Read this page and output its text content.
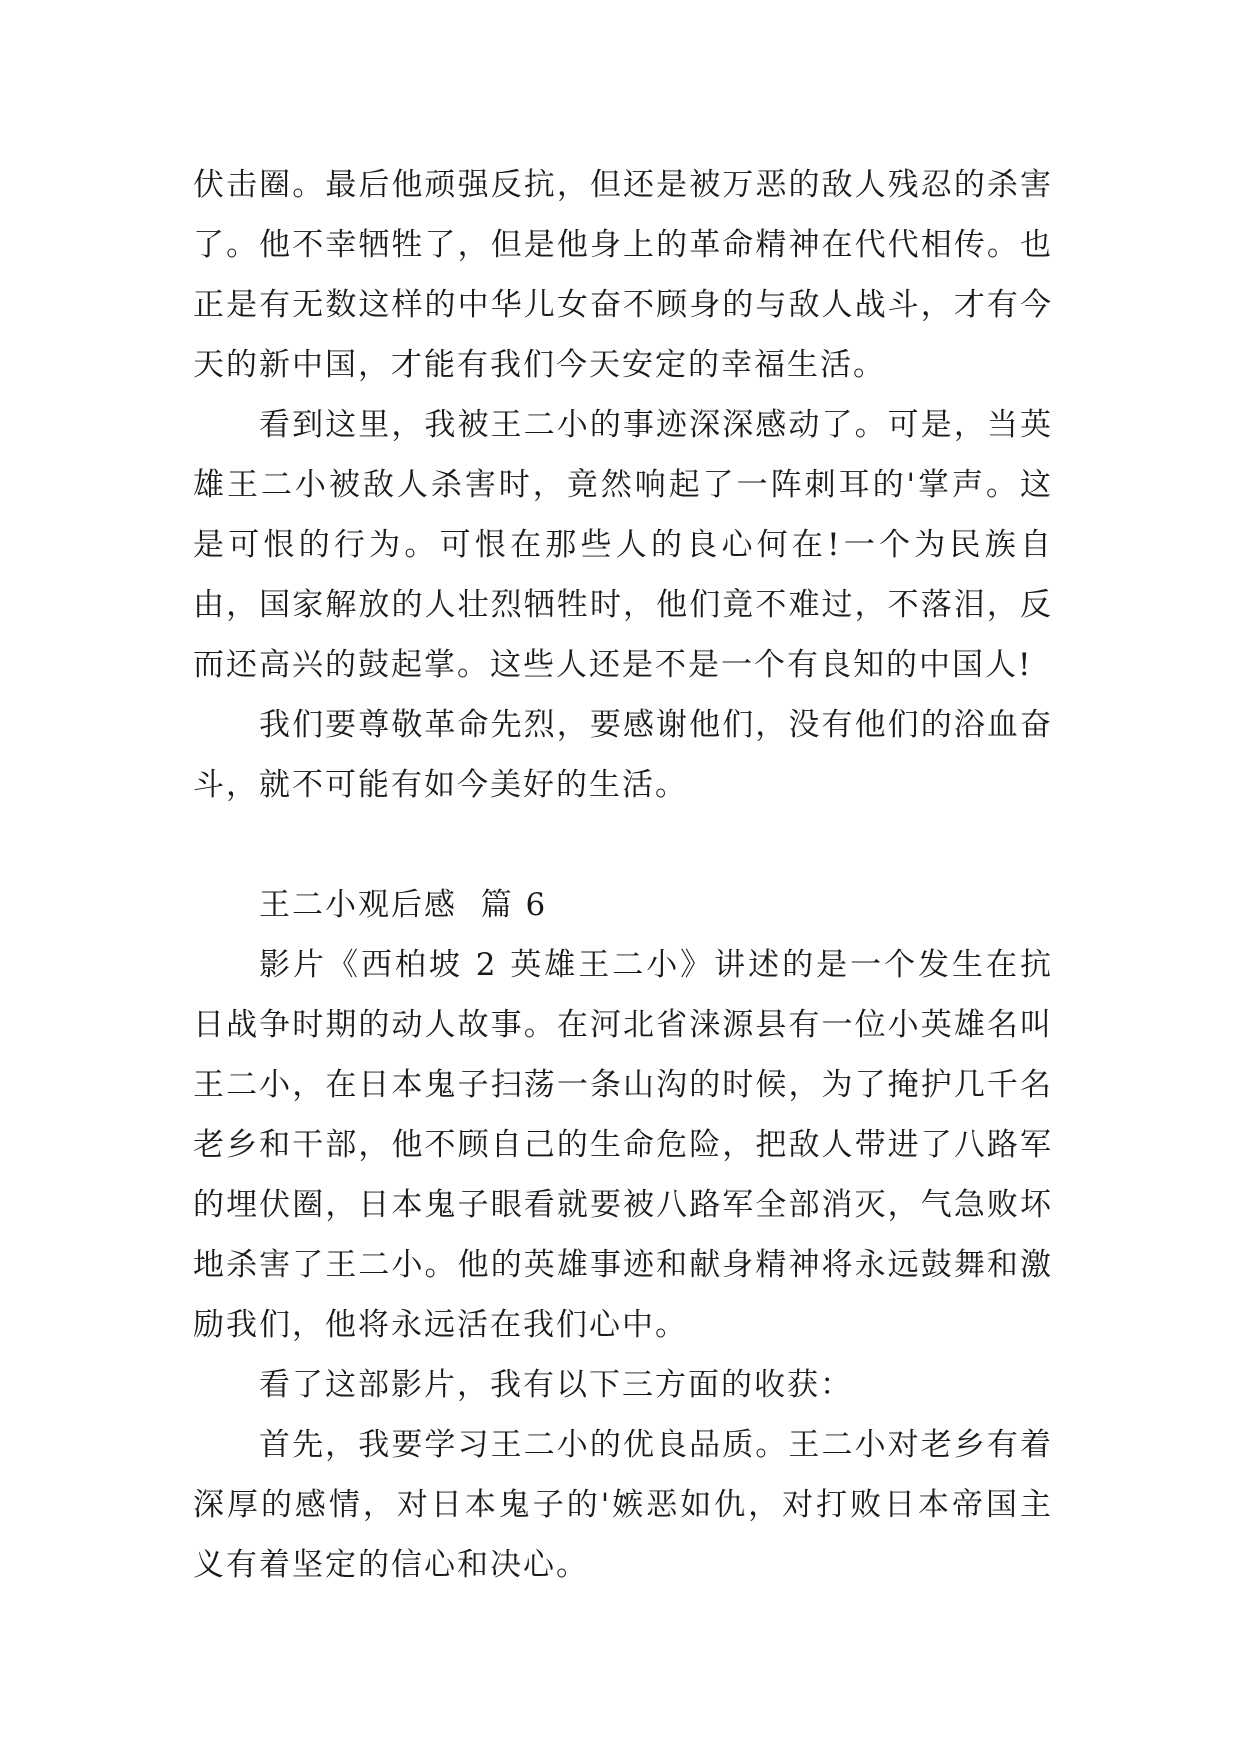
伏击圈。最后他顽强反抗，但还是被万恶的敌人残忍的杀害了。他不幸牺牲了，但是他身上的革命精神在代代相传。也正是有无数这样的中华儿女奋不顾身的与敌人战斗，才有今天的新中国，才能有我们今天安定的幸福生活。

看到这里，我被王二小的事迹深深感动了。可是，当英雄王二小被敌人杀害时，竟然响起了一阵刺耳的'掌声。这是可恨的行为。可恨在那些人的良心何在!一个为民族自由，国家解放的人壮烈牺牲时，他们竟不难过，不落泪，反而还高兴的鼓起掌。这些人还是不是一个有良知的中国人!

我们要尊敬革命先烈，要感谢他们，没有他们的浴血奋斗，就不可能有如今美好的生活。

王二小观后感  篇 6

影片《西柏坡 2 英雄王二小》讲述的是一个发生在抗日战争时期的动人故事。在河北省涞源县有一位小英雄名叫王二小，在日本鬼子扫荡一条山沟的时候，为了掩护几千名老乡和干部，他不顾自己的生命危险，把敌人带进了八路军的埋伏圈，日本鬼子眼看就要被八路军全部消灭，气急败坏地杀害了王二小。他的英雄事迹和献身精神将永远鼓舞和激励我们，他将永远活在我们心中。

看了这部影片，我有以下三方面的收获：

首先，我要学习王二小的优良品质。王二小对老乡有着深厚的感情，对日本鬼子的'嫉恶如仇，对打败日本帝国主义有着坚定的信心和决心。
